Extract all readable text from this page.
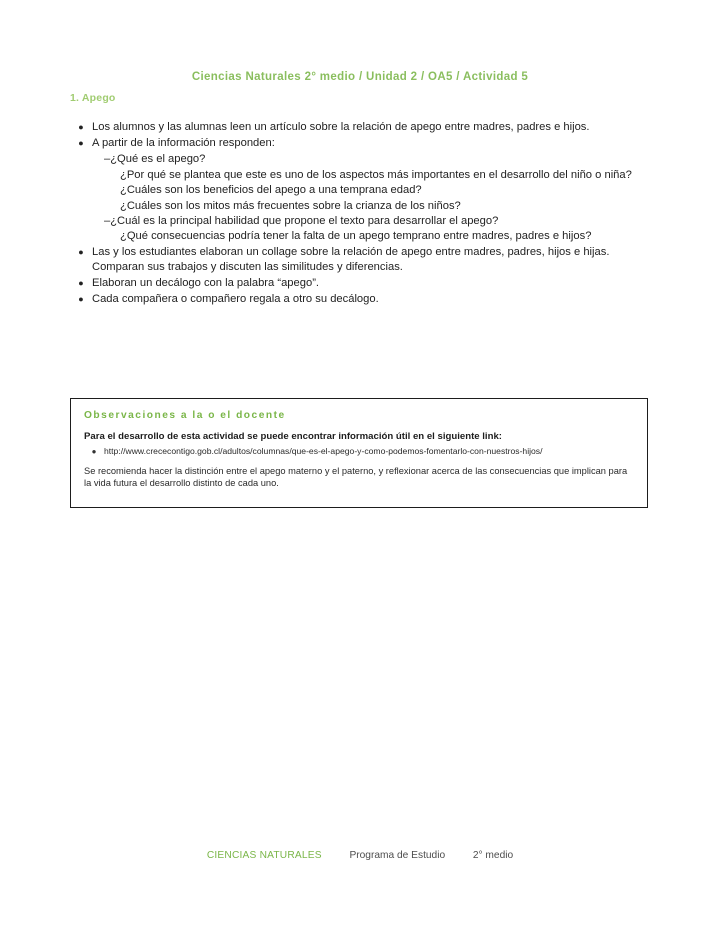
Ciencias Naturales 2° medio / Unidad 2 / OA5 / Actividad 5
1. Apego
● Los alumnos y las alumnas leen un artículo sobre la relación de apego entre madres, padres e hijos.
● A partir de la información responden:
–¿Qué es el apego?
¿Por qué se plantea que este es uno de los aspectos más importantes en el desarrollo del niño o niña?
¿Cuáles son los beneficios del apego a una temprana edad?
¿Cuáles son los mitos más frecuentes sobre la crianza de los niños?
–¿Cuál es la principal habilidad que propone el texto para desarrollar el apego?
¿Qué consecuencias podría tener la falta de un apego temprano entre madres, padres e hijos?
● Las y los estudiantes elaboran un collage sobre la relación de apego entre madres, padres, hijos e hijas. Comparan sus trabajos y discuten las similitudes y diferencias.
● Elaboran un decálogo con la palabra “apego”.
● Cada compañera o compañero regala a otro su decálogo.
Observaciones a la o el docente
Para el desarrollo de esta actividad se puede encontrar información útil en el siguiente link:
● http://www.crececontigo.gob.cl/adultos/columnas/que-es-el-apego-y-como-podemos-fomentarlo-con-nuestros-hijos/
Se recomienda hacer la distinción entre el apego materno y el paterno, y reflexionar acerca de las consecuencias que implican para la vida futura el desarrollo distinto de cada uno.
CIENCIAS NATURALES	Programa de Estudio	2° medio
